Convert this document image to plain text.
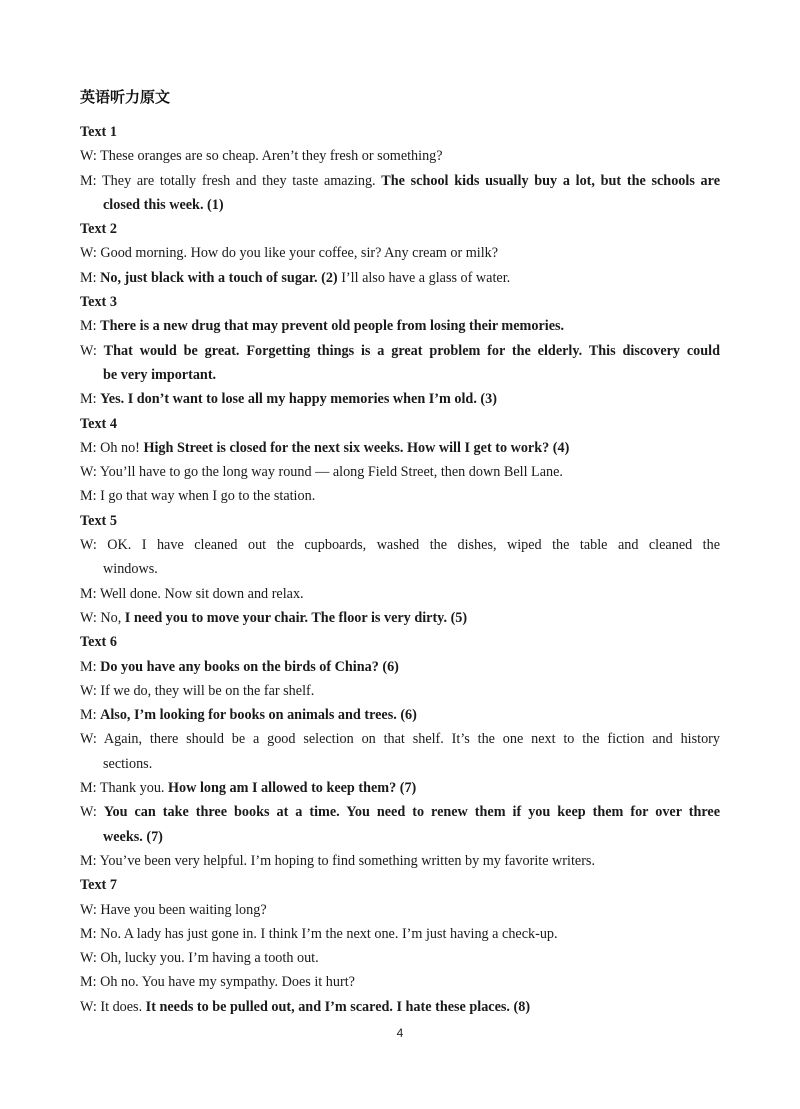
英语听力原文
Text 1
W: These oranges are so cheap. Aren’t they fresh or something?
M: They are totally fresh and they taste amazing. The school kids usually buy a lot, but the schools are
closed this week. (1)
Text 2
W: Good morning. How do you like your coffee, sir? Any cream or milk?
M: No, just black with a touch of sugar. (2) I’ll also have a glass of water.
Text 3
M: There is a new drug that may prevent old people from losing their memories.
W: That would be great. Forgetting things is a great problem for the elderly. This discovery could
be very important.
M: Yes. I don’t want to lose all my happy memories when I’m old. (3)
Text 4
M: Oh no! High Street is closed for the next six weeks. How will I get to work? (4)
W: You’ll have to go the long way round — along Field Street, then down Bell Lane.
M: I go that way when I go to the station.
Text 5
W: OK. I have cleaned out the cupboards, washed the dishes, wiped the table and cleaned the
windows.
M: Well done. Now sit down and relax.
W: No, I need you to move your chair. The floor is very dirty. (5)
Text 6
M: Do you have any books on the birds of China? (6)
W: If we do, they will be on the far shelf.
M: Also, I’m looking for books on animals and trees. (6)
W: Again, there should be a good selection on that shelf. It’s the one next to the fiction and history
sections.
M: Thank you. How long am I allowed to keep them? (7)
W: You can take three books at a time. You need to renew them if you keep them for over three
weeks. (7)
M: You’ve been very helpful. I’m hoping to find something written by my favorite writers.
Text 7
W: Have you been waiting long?
M: No. A lady has just gone in. I think I’m the next one. I’m just having a check-up.
W: Oh, lucky you. I’m having a tooth out.
M: Oh no. You have my sympathy. Does it hurt?
W: It does. It needs to be pulled out, and I’m scared. I hate these places. (8)
4
